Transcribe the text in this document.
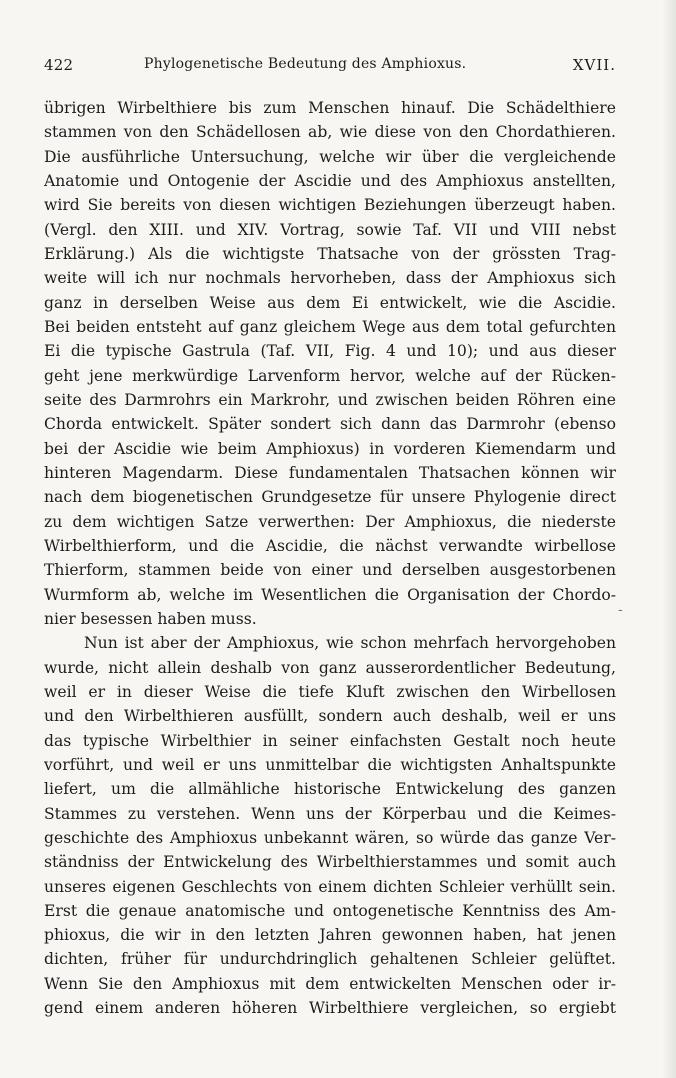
422	Phylogenetische Bedeutung des Amphioxus.	XVII.
übrigen Wirbelthiere bis zum Menschen hinauf. Die Schädelthiere
stammen von den Schädellosen ab, wie diese von den Chordathieren.
Die ausführliche Untersuchung, welche wir über die vergleichende
Anatomie und Ontogenie der Ascidie und des Amphioxus anstellten,
wird Sie bereits von diesen wichtigen Beziehungen überzeugt haben.
(Vergl. den XIII. und XIV. Vortrag, sowie Taf. VII und VIII nebst
Erklärung.) Als die wichtigste Thatsache von der grössten Trag-
weite will ich nur nochmals hervorheben, dass der Amphioxus sich
ganz in derselben Weise aus dem Ei entwickelt, wie die Ascidie.
Bei beiden entsteht auf ganz gleichem Wege aus dem total gefurchten
Ei die typische Gastrula (Taf. VII, Fig. 4 und 10); und aus dieser
geht jene merkwürdige Larvenform hervor, welche auf der Rücken-
seite des Darmrohrs ein Markrohr, und zwischen beiden Röhren eine
Chorda entwickelt. Später sondert sich dann das Darmrohr (ebenso
bei der Ascidie wie beim Amphioxus) in vorderen Kiemendarm und
hinteren Magendarm. Diese fundamentalen Thatsachen können wir
nach dem biogenetischen Grundgesetze für unsere Phylogenie direct
zu dem wichtigen Satze verwerthen: Der Amphioxus, die niederste
Wirbelthierform, und die Ascidie, die nächst verwandte wirbellose
Thierform, stammen beide von einer und derselben ausgestorbenen
Wurmform ab, welche im Wesentlichen die Organisation der Chordo-
nier besessen haben muss.
Nun ist aber der Amphioxus, wie schon mehrfach hervorgehoben
wurde, nicht allein deshalb von ganz ausserordentlicher Bedeutung,
weil er in dieser Weise die tiefe Kluft zwischen den Wirbellosen
und den Wirbelthieren ausfüllt, sondern auch deshalb, weil er uns
das typische Wirbelthier in seiner einfachsten Gestalt noch heute
vorführt, und weil er uns unmittelbar die wichtigsten Anhaltspunkte
liefert, um die allmähliche historische Entwickelung des ganzen
Stammes zu verstehen. Wenn uns der Körperbau und die Keimes-
geschichte des Amphioxus unbekannt wären, so würde das ganze Ver-
ständniss der Entwickelung des Wirbelthierstammes und somit auch
unseres eigenen Geschlechts von einem dichten Schleier verhüllt sein.
Erst die genaue anatomische und ontogenetische Kenntniss des Am-
phioxus, die wir in den letzten Jahren gewonnen haben, hat jenen
dichten, früher für undurchdringlich gehaltenen Schleier gelüftet.
Wenn Sie den Amphioxus mit dem entwickelten Menschen oder ir-
gend einem anderen höheren Wirbelthiere vergleichen, so ergiebt
-
